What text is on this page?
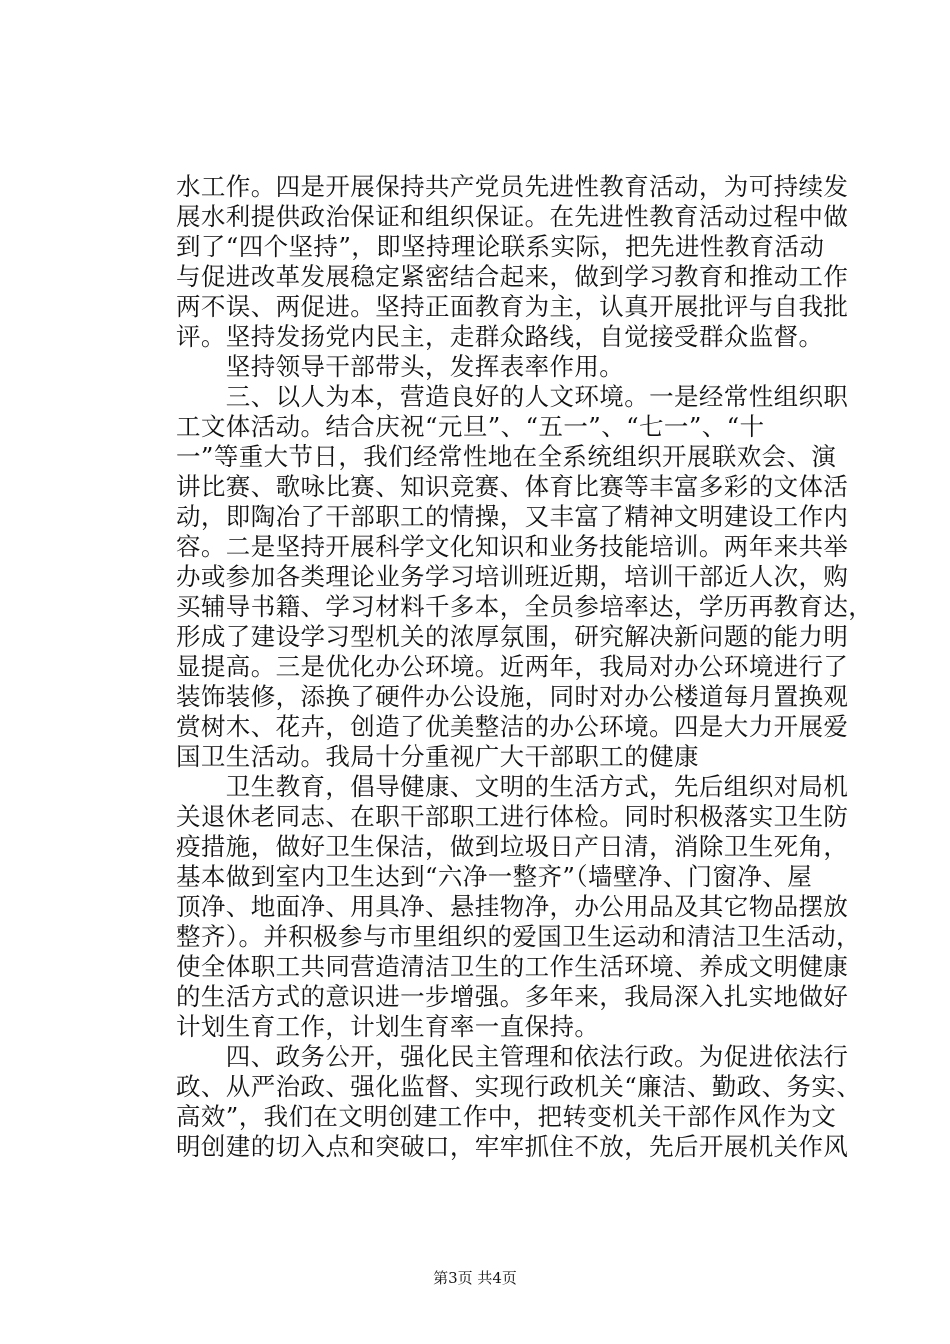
水工作。四是开展保持共产党员先进性教育活动，为可持续发
展水利提供政治保证和组织保证。在先进性教育活动过程中做
到了“四个坚持”，即坚持理论联系实际，把先进性教育活动
与促进改革发展稳定紧密结合起来，做到学习教育和推动工作
两不误、两促进。坚持正面教育为主，认真开展批评与自我批
评。坚持发扬党内民主，走群众路线，自觉接受群众监督。
　　坚持领导干部带头，发挥表率作用。
　　三、以人为本，营造良好的人文环境。一是经常性组织职
工文体活动。结合庆祝“元旦”、“五一”、“七一”、“十
一”等重大节日，我们经常性地在全系统组织开展联欢会、演
讲比赛、歌咏比赛、知识竞赛、体育比赛等丰富多彩的文体活
动，即陶冶了干部职工的情操，又丰富了精神文明建设工作内
容。二是坚持开展科学文化知识和业务技能培训。两年来共举
办或参加各类理论业务学习培训班近期，培训干部近人次，购
买辅导书籍、学习材料千多本，全员参培率达，学历再教育达，
形成了建设学习型机关的浓厚氛围，研究解决新问题的能力明
显提高。三是优化办公环境。近两年，我局对办公环境进行了
装饰装修，添换了硬件办公设施，同时对办公楼道每月置换观
赏树木、花卉，创造了优美整洁的办公环境。四是大力开展爱
国卫生活动。我局十分重视广大干部职工的健康
　　卫生教育，倡导健康、文明的生活方式，先后组织对局机
关退休老同志、在职干部职工进行体检。同时积极落实卫生防
疫措施，做好卫生保洁，做到垃圾日产日清，消除卫生死角，
基本做到室内卫生达到“六净一整齐”（墙壁净、门窗净、屋
顶净、地面净、用具净、悬挂物净，办公用品及其它物品摆放
整齐）。并积极参与市里组织的爱国卫生运动和清洁卫生活动，
使全体职工共同营造清洁卫生的工作生活环境、养成文明健康
的生活方式的意识进一步增强。多年来，我局深入扎实地做好
计划生育工作，计划生育率一直保持。
　　四、政务公开，强化民主管理和依法行政。为促进依法行
政、从严治政、强化监督、实现行政机关“廉洁、勤政、务实、
高效”，我们在文明创建工作中，把转变机关干部作风作为文
明创建的切入点和突破口，牢牢抓住不放，先后开展机关作风
第3页 共4页
